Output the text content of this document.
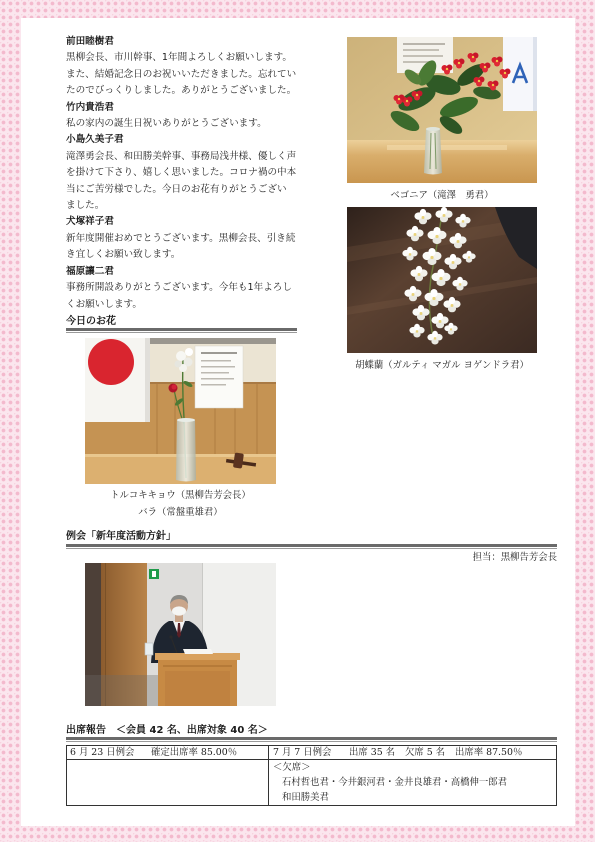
前田睦樹君
黒柳会長、市川幹事、1年間よろしくお願いします。
また、結婚記念日のお祝いいただきました。忘れてい
たのでびっくりしました。ありがとうございました。
竹内貴浩君
私の家内の誕生日祝いありがとうございます。
小島久美子君
滝澤勇会長、和田勝美幹事、事務局浅井様、優しく声
を掛けて下さり、嬉しく思いました。コロナ禍の中本
当にご苦労様でした。今日のお花有りがとうござい
ました。
犬塚祥子君
新年度開催おめでとうございます。黒柳会長、引き続
き宜しくお願い致します。
福原讓二君
事務所開設ありがとうございます。今年も1年よろし
くお願いします。
今日のお花
ベゴニア（滝澤　勇君）
胡蝶蘭（ガルティ マガル ヨゲンドラ君）
トルコキキョウ（黒柳告芳会長）
バラ（常盤重雄君）
例会「新年度活動方針」
担当：黒柳告芳会長
出席報告　＜会員 42 名、出席対象 40 名＞
6 月 23 日例会 確定出席率 85.00％	7 月 7 日例会 出席 35 名 欠席 5 名 出席率 87.50％
＜欠席＞
石村哲也君・今井銀河君・金井良雄君・高橋伸一郎君
和田勝美君
